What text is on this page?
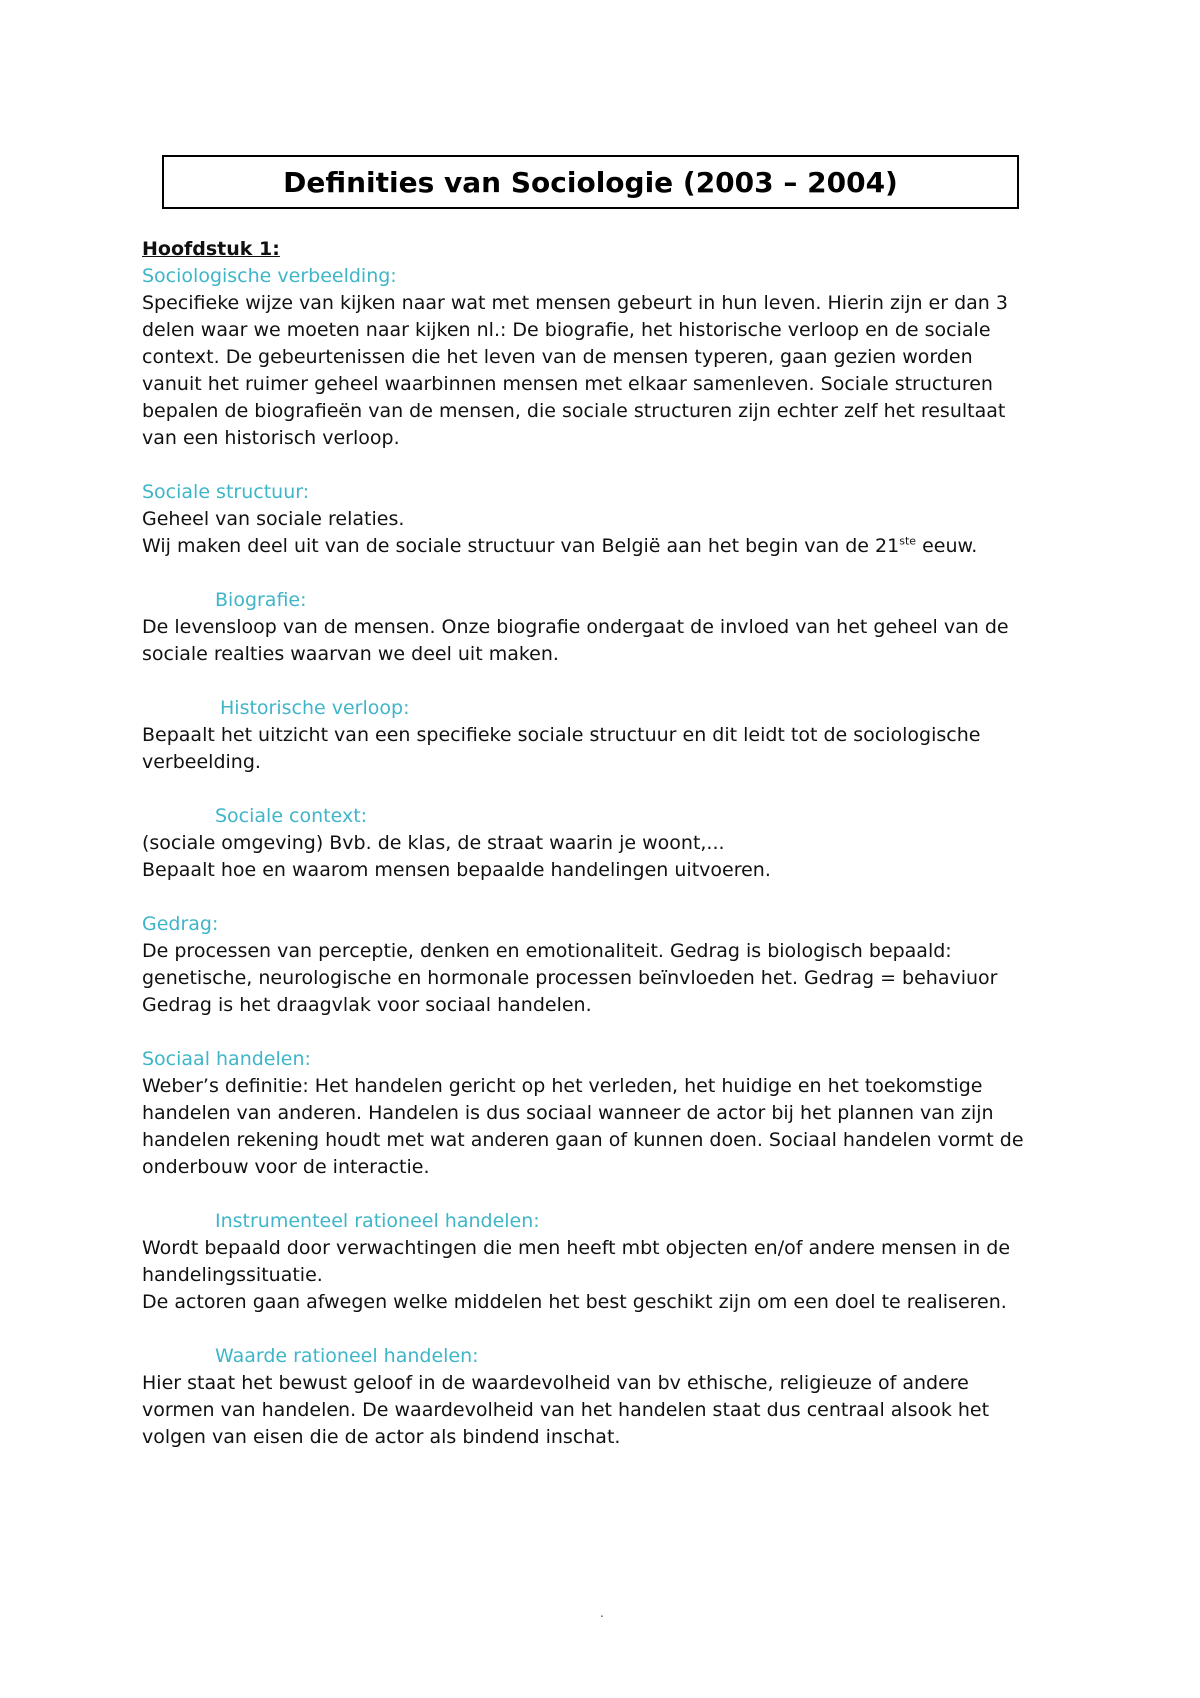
Definities van Sociologie (2003 – 2004)
Hoofdstuk 1:
Sociologische verbeelding:
Specifieke wijze van kijken naar wat met mensen gebeurt in hun leven. Hierin zijn er dan 3
delen waar we moeten naar kijken nl.: De biografie, het historische verloop en de sociale
context. De gebeurtenissen die het leven van de mensen typeren, gaan gezien worden
vanuit het ruimer geheel waarbinnen mensen met elkaar samenleven. Sociale structuren
bepalen de biografieën van de mensen, die sociale structuren zijn echter zelf het resultaat
van een historisch verloop.
Sociale structuur:
Geheel van sociale relaties.
Wij maken deel uit van de sociale structuur van België aan het begin van de 21ste eeuw.
Biografie:
De levensloop van de mensen. Onze biografie ondergaat de invloed van het geheel van de
sociale realties waarvan we deel uit maken.
Historische verloop:
Bepaalt het uitzicht van een specifieke sociale structuur en dit leidt tot de sociologische
verbeelding.
Sociale context:
(sociale omgeving) Bvb. de klas, de straat waarin je woont,...
Bepaalt hoe en waarom mensen bepaalde handelingen uitvoeren.
Gedrag:
De processen van perceptie, denken en emotionaliteit. Gedrag is biologisch bepaald:
genetische, neurologische en hormonale processen beïnvloeden het. Gedrag = behaviuor
Gedrag is het draagvlak voor sociaal handelen.
Sociaal handelen:
Weber’s definitie: Het handelen gericht op het verleden, het huidige en het toekomstige
handelen van anderen. Handelen is dus sociaal wanneer de actor bij het plannen van zijn
handelen rekening houdt met wat anderen gaan of kunnen doen. Sociaal handelen vormt de
onderbouw voor de interactie.
Instrumenteel rationeel handelen:
Wordt bepaald door verwachtingen die men heeft mbt objecten en/of andere mensen in de
handelingssituatie.
De actoren gaan afwegen welke middelen het best geschikt zijn om een doel te realiseren.
Waarde rationeel handelen:
Hier staat het bewust geloof in de waardevolheid van bv ethische, religieuze of andere
vormen van handelen. De waardevolheid van het handelen staat dus centraal alsook het
volgen van eisen die de actor als bindend inschat.
.
